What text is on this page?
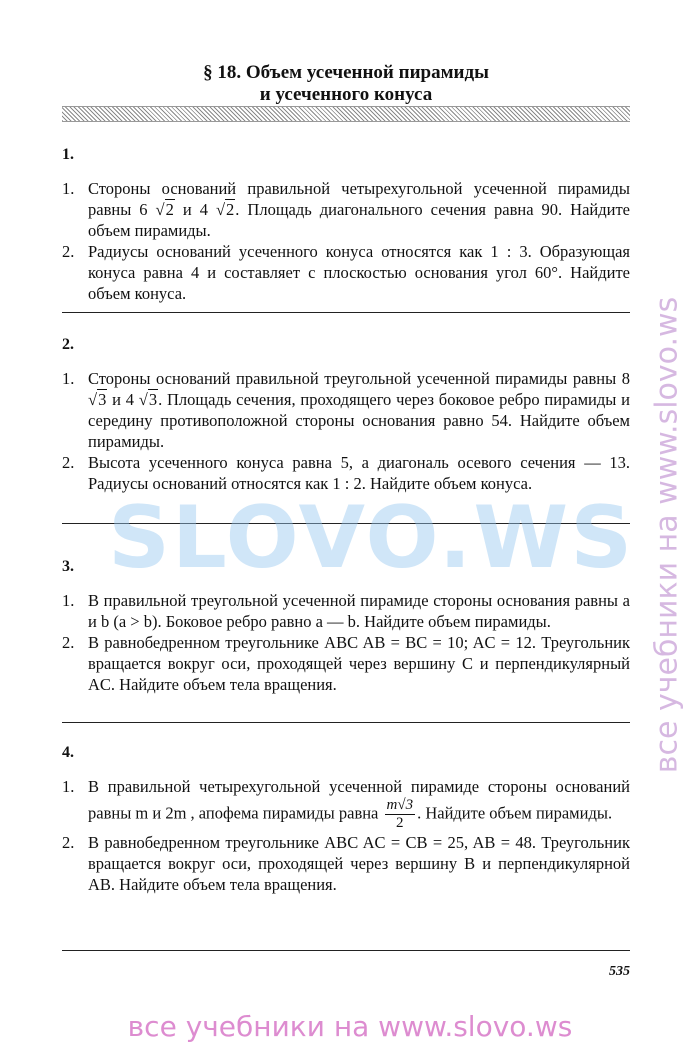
§ 18. Объем усеченной пирамиды
и усеченного конуса
1.
1. Стороны оснований правильной четырехугольной усеченной пирамиды равны 6 √2 и 4 √2. Площадь диагонального сечения равна 90. Найдите объем пирамиды.
2. Радиусы оснований усеченного конуса относятся как 1 : 3. Образующая конуса равна 4 и составляет с плоскостью основания угол 60°. Найдите объем конуса.
2.
1. Стороны оснований правильной треугольной усеченной пирамиды равны 8 √3 и 4 √3. Площадь сечения, проходящего через боковое ребро пирамиды и середину противоположной стороны основания равно 54. Найдите объем пирамиды.
2. Высота усеченного конуса равна 5, а диагональ осевого сечения — 13. Радиусы оснований относятся как 1 : 2. Найдите объем конуса.
3.
1. В правильной треугольной усеченной пирамиде стороны основания равны a и b (a > b). Боковое ребро равно a — b. Найдите объем пирамиды.
2. В равнобедренном треугольнике ABC AB = BC = 10; AC = 12. Треугольник вращается вокруг оси, проходящей через вершину C и перпендикулярный AC. Найдите объем тела вращения.
4.
1. В правильной четырехугольной усеченной пирамиде стороны оснований равны m и 2m , апофема пирамиды равна $\frac{m√3}{2}$ . Найдите объем пирамиды.
2. В равнобедренном треугольнике ABC AC = CB = 25, AB = 48. Треугольник вращается вокруг оси, проходящей через вершину B и перпендикулярной AB. Найдите объем тела вращения.
535
SLOVO.WS все учебники на www.slovo.ws
все учебники на www.slovo.ws
